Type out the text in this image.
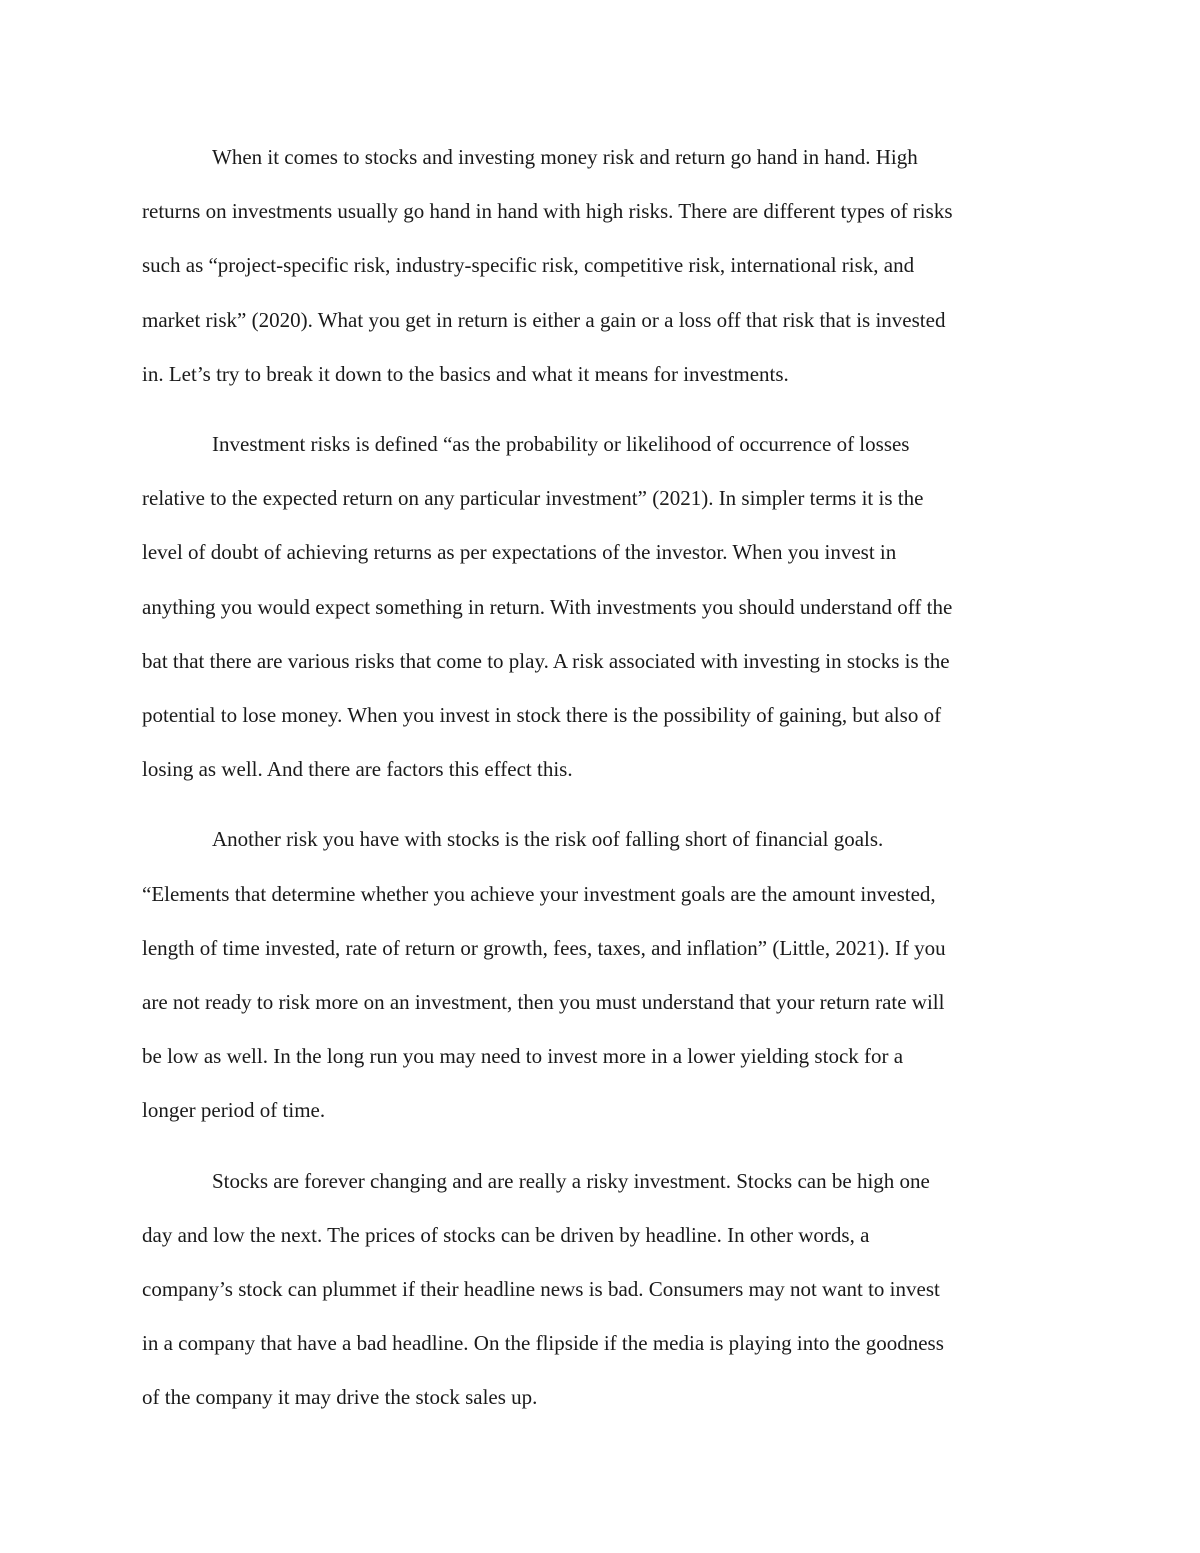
When it comes to stocks and investing money risk and return go hand in hand. High
returns on investments usually go hand in hand with high risks. There are different types of risks
such as “project-specific risk, industry-specific risk, competitive risk, international risk, and
market risk” (2020). What you get in return is either a gain or a loss off that risk that is invested
in. Let’s try to break it down to the basics and what it means for investments.

Investment risks is defined “as the probability or likelihood of occurrence of losses
relative to the expected return on any particular investment” (2021). In simpler terms it is the
level of doubt of achieving returns as per expectations of the investor. When you invest in
anything you would expect something in return. With investments you should understand off the
bat that there are various risks that come to play. A risk associated with investing in stocks is the
potential to lose money. When you invest in stock there is the possibility of gaining, but also of
losing as well. And there are factors this effect this.

Another risk you have with stocks is the risk oof falling short of financial goals.
“Elements that determine whether you achieve your investment goals are the amount invested,
length of time invested, rate of return or growth, fees, taxes, and inflation” (Little, 2021). If you
are not ready to risk more on an investment, then you must understand that your return rate will
be low as well. In the long run you may need to invest more in a lower yielding stock for a
longer period of time.

Stocks are forever changing and are really a risky investment. Stocks can be high one
day and low the next. The prices of stocks can be driven by headline. In other words, a
company’s stock can plummet if their headline news is bad. Consumers may not want to invest
in a company that have a bad headline. On the flipside if the media is playing into the goodness
of the company it may drive the stock sales up.
